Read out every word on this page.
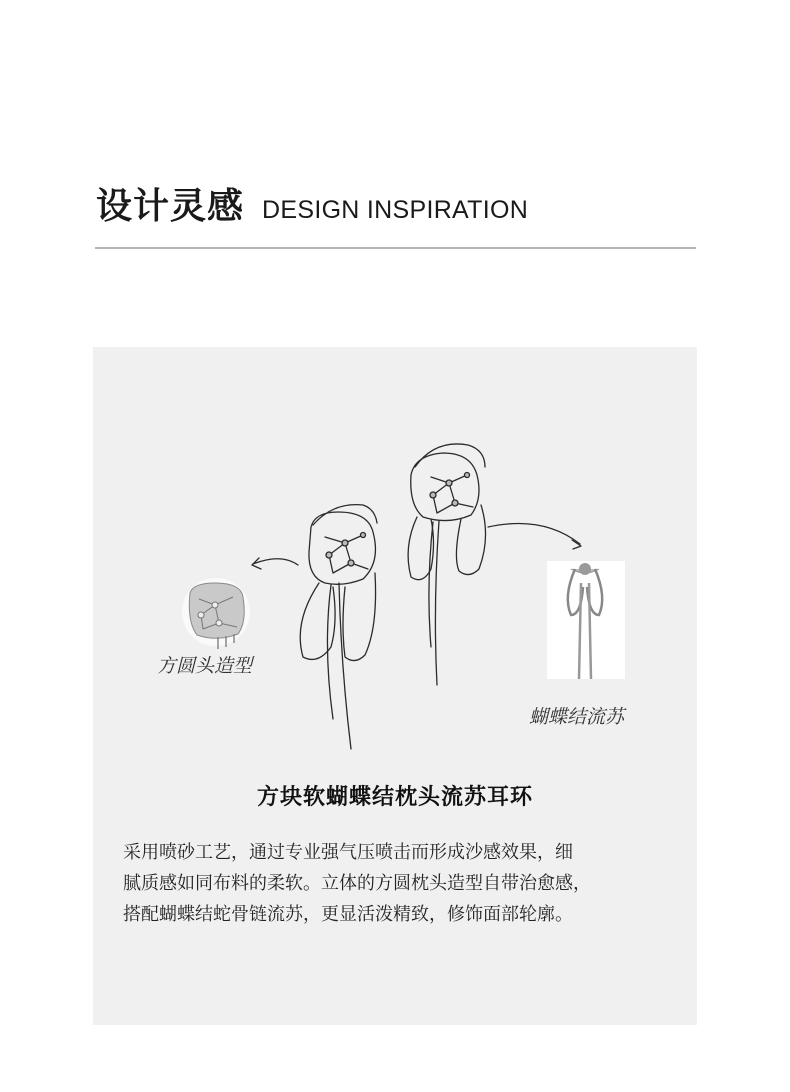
设计灵感 DESIGN INSPIRATION
方圆头造型
蝴蝶结流苏
方块软蝴蝶结枕头流苏耳环

采用喷砂工艺，通过专业强气压喷击而形成沙感效果，细

腻质感如同布料的柔软。立体的方圆枕头造型自带治愈感，

搭配蝴蝶结蛇骨链流苏，更显活泼精致，修饰面部轮廓。
